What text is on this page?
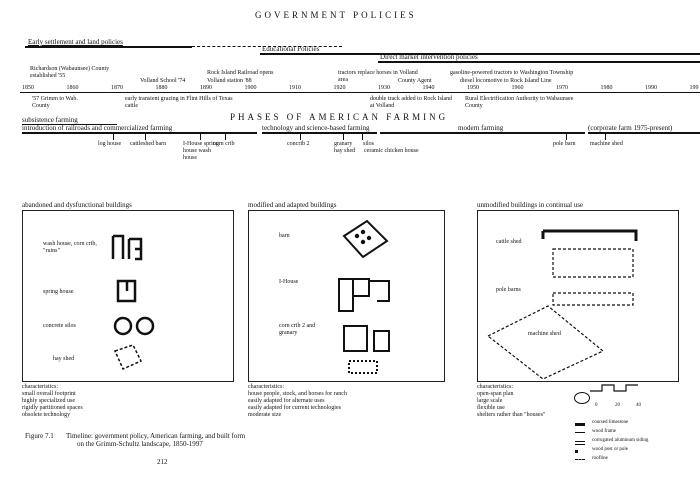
GOVERNMENT POLICIES
Early settlement and land policies
Educational Policies
Direct market intervention policies
Richardson (Wabaunsee) County established '55
Volland School '74
Rock Island Railroad opens
Volland station '88
tractors replace horses in Volland area	County Agent
gasoline-powered tractors to Washington Township
diesel locomotive to Rock Island Line
1850	1860	1870	1880	1890	1900	1910	1920	1930	1940	1950	1960	1970	1980	1990	199
'57 Grimm to Wab. County
early transient grazing in Flint Hills of Texas cattle
double track added to Rock Island at Volland
Rural Electrification Authority to Wabaunsee County
PHASES OF AMERICAN FARMING
subsistence farming
introduction of railroads and commercialized farming	technology and science-based farming	modern farming	(corporate farm 1975-present)
log house cattleshed barn	I-House spring house wash house
corn crib	concrib 2	granary silos
hay shed ceramic chicken house
pole barn machine shed
abandoned and dysfunctional buildings
wash house, corn crib, "ruins"
spring house
concrete silos
hay shed
characteristics:
small overall footprint
highly specialized use
rigidly partitioned spaces
obsolete technology
modified and adapted buildings
barn
I-House
corn crib 2 and granary
characteristics:
house people, stock, and horses for ranch
easily adapted for alternate uses
easily adapted for current technologies
moderate size
unmodified buildings in continual use
cattle shed
pole barns
machine shed
characteristics:
open-span plan
large scale
flexible use
shelters rather than "houses"
0	20	40
coursed limestone
wood frame
corrugated aluminum siding
wood post or pole
roofline
Figure 7.1 Timeline: government policy, American farming, and built form
on the Grimm-Schultz landscape, 1850-1997
212
